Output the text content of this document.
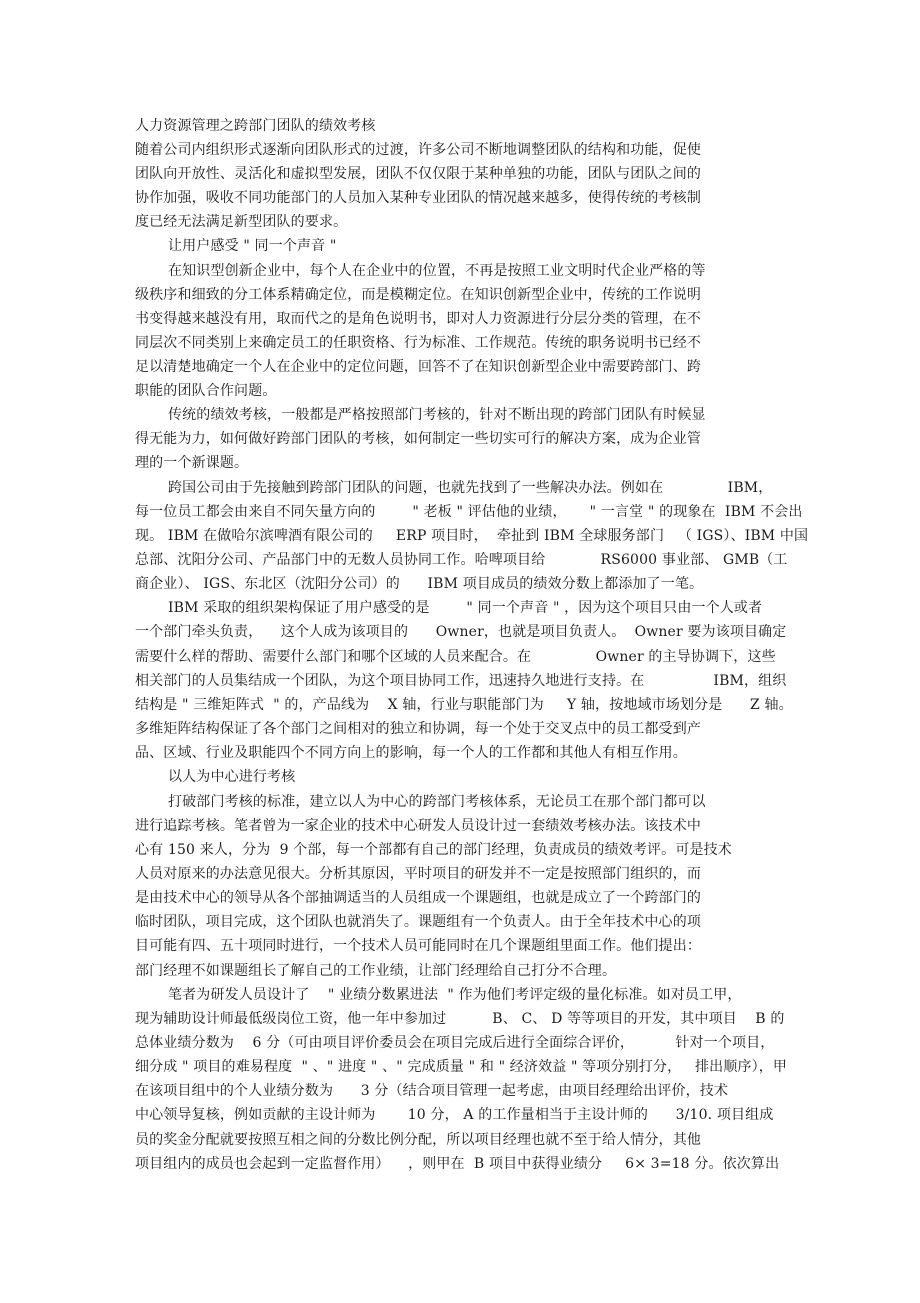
人力资源管理之跨部门团队的绩效考核
随着公司内组织形式逐渐向团队形式的过渡，许多公司不断地调整团队的结构和功能，促使
团队向开放性、灵活化和虚拟型发展，团队不仅仅限于某种单独的功能，团队与团队之间的
协作加强，吸收不同功能部门的人员加入某种专业团队的情况越来越多，使得传统的考核制
度已经无法满足新型团队的要求。
让用户感受 " 同一个声音 "
在知识型创新企业中，每个人在企业中的位置，不再是按照工业文明时代企业严格的等
级秩序和细致的分工体系精确定位，而是模糊定位。在知识创新型企业中，传统的工作说明
书变得越来越没有用，取而代之的是角色说明书，即对人力资源进行分层分类的管理，在不
同层次不同类别上来确定员工的任职资格、行为标准、工作规范。传统的职务说明书已经不
足以清楚地确定一个人在企业中的定位问题，回答不了在知识创新型企业中需要跨部门、跨
职能的团队合作问题。
传统的绩效考核，一般都是严格按照部门考核的，针对不断出现的跨部门团队有时候显
得无能为力，如何做好跨部门团队的考核，如何制定一些切实可行的解决方案，成为企业管
理的一个新课题。
跨国公司由于先接触到跨部门团队的问题，也就先找到了一些解决办法。例如在              IBM，
每一位员工都会由来自不同矢量方向的        " 老板 " 评估他的业绩，     " 一言堂 " 的现象在  IBM 不会出
现。 IBM 在做哈尔滨啤酒有限公司的     ERP 项目时，  牵扯到 IBM 全球服务部门   （ IGS）、IBM 中国
总部、沈阳分公司、产品部门中的无数人员协同工作。哈啤项目给            RS6000 事业部、 GMB（工
商企业）、 IGS、东北区（沈阳分公司）的      IBM 项目成员的绩效分数上都添加了一笔。
IBM 采取的组织架构保证了用户感受的是        " 同一个声音 " ，因为这个项目只由一个人或者
一个部门牵头负责，    这个人成为该项目的      Owner，也就是项目负责人。  Owner 要为该项目确定
需要什么样的帮助、需要什么部门和哪个区域的人员来配合。在              Owner 的主导协调下，这些
相关部门的人员集结成一个团队，为这个项目协同工作，迅速持久地进行支持。在               IBM，组织
结构是 " 三维矩阵式  " 的，产品线为    X 轴，行业与职能部门为     Y 轴，按地域市场划分是      Z 轴。
多维矩阵结构保证了各个部门之间相对的独立和协调，每一个处于交叉点中的员工都受到产
品、区域、行业及职能四个不同方向上的影响，每一个人的工作都和其他人有相互作用。
以人为中心进行考核
打破部门考核的标准，建立以人为中心的跨部门考核体系，无论员工在那个部门都可以
进行追踪考核。笔者曾为一家企业的技术中心研发人员设计过一套绩效考核办法。该技术中
心有 150 来人，分为  9 个部，每一个部都有自己的部门经理，负责成员的绩效考评。可是技术
人员对原来的办法意见很大。分析其原因，平时项目的研发并不一定是按照部门组织的，而
是由技术中心的领导从各个部抽调适当的人员组成一个课题组，也就是成立了一个跨部门的
临时团队，项目完成，这个团队也就消失了。课题组有一个负责人。由于全年技术中心的项
目可能有四、五十项同时进行，一个技术人员可能同时在几个课题组里面工作。他们提出：
部门经理不如课题组长了解自己的工作业绩，让部门经理给自己打分不合理。
笔者为研发人员设计了    " 业绩分数累进法  " 作为他们考评定级的量化标准。如对员工甲，
现为辅助设计师最低级岗位工资，他一年中参加过          B、 C、 D 等等项目的开发，其中项目    B 的
总体业绩分数为    6 分（可由项目评价委员会在项目完成后进行全面综合评价，         针对一个项目，
细分成 " 项目的难易程度  " 、" 进度 " 、" 完成质量 " 和 " 经济效益 " 等项分别打分，   排出顺序），甲
在该项目组中的个人业绩分数为      3 分（结合项目管理一起考虑，由项目经理给出评价，技术
中心领导复核，例如贡献的主设计师为       10 分， A 的工作量相当于主设计师的      3/10. 项目组成
员的奖金分配就要按照互相之间的分数比例分配，所以项目经理也就不至于给人情分，其他
项目组内的成员也会起到一定监督作用）    ，则甲在  B 项目中获得业绩分     6× 3=18 分。依次算出
